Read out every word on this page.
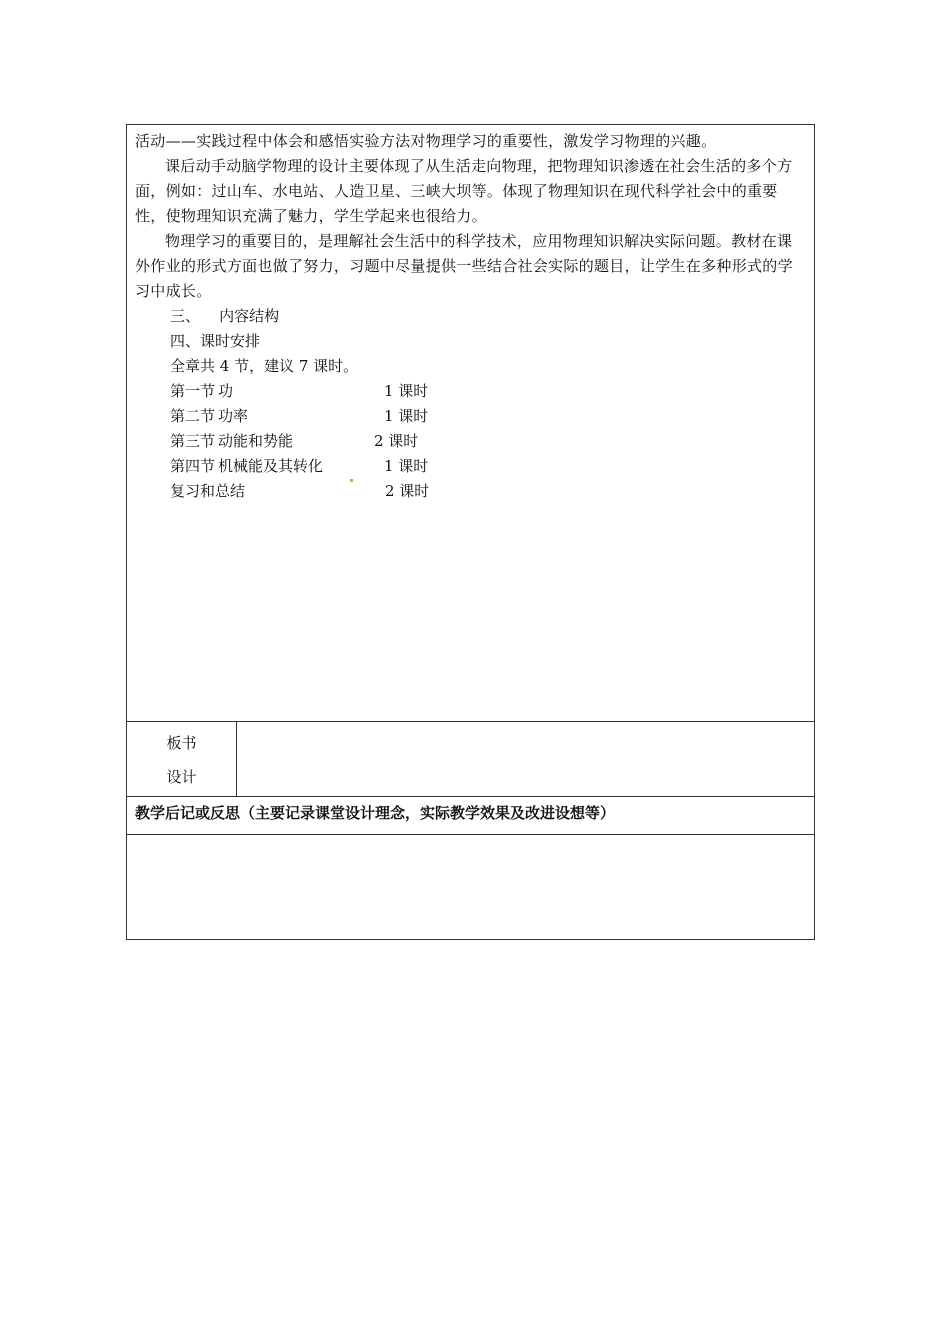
活动——实践过程中体会和感悟实验方法对物理学习的重要性，激发学习物理的兴趣。

课后动手动脑学物理的设计主要体现了从生活走向物理，把物理知识渗透在社会生活的多个方面，例如：过山车、水电站、人造卫星、三峡大坝等。体现了物理知识在现代科学社会中的重要性，使物理知识充满了魅力，学生学起来也很给力。

物理学习的重要目的，是理解社会生活中的科学技术，应用物理知识解决实际问题。教材在课外作业的形式方面也做了努力，习题中尽量提供一些结合社会实际的题目，让学生在多种形式的学习中成长。

三、    内容结构

四、课时安排

全章共 4 节，建议 7 课时。

第一节 功	1 课时
第二节 功率	1 课时
第三节 动能和势能	2 课时
第四节 机械能及其转化	1 课时
复习和总结	2 课时
板书
设计
教学后记或反思（主要记录课堂设计理念，实际教学效果及改进设想等）
